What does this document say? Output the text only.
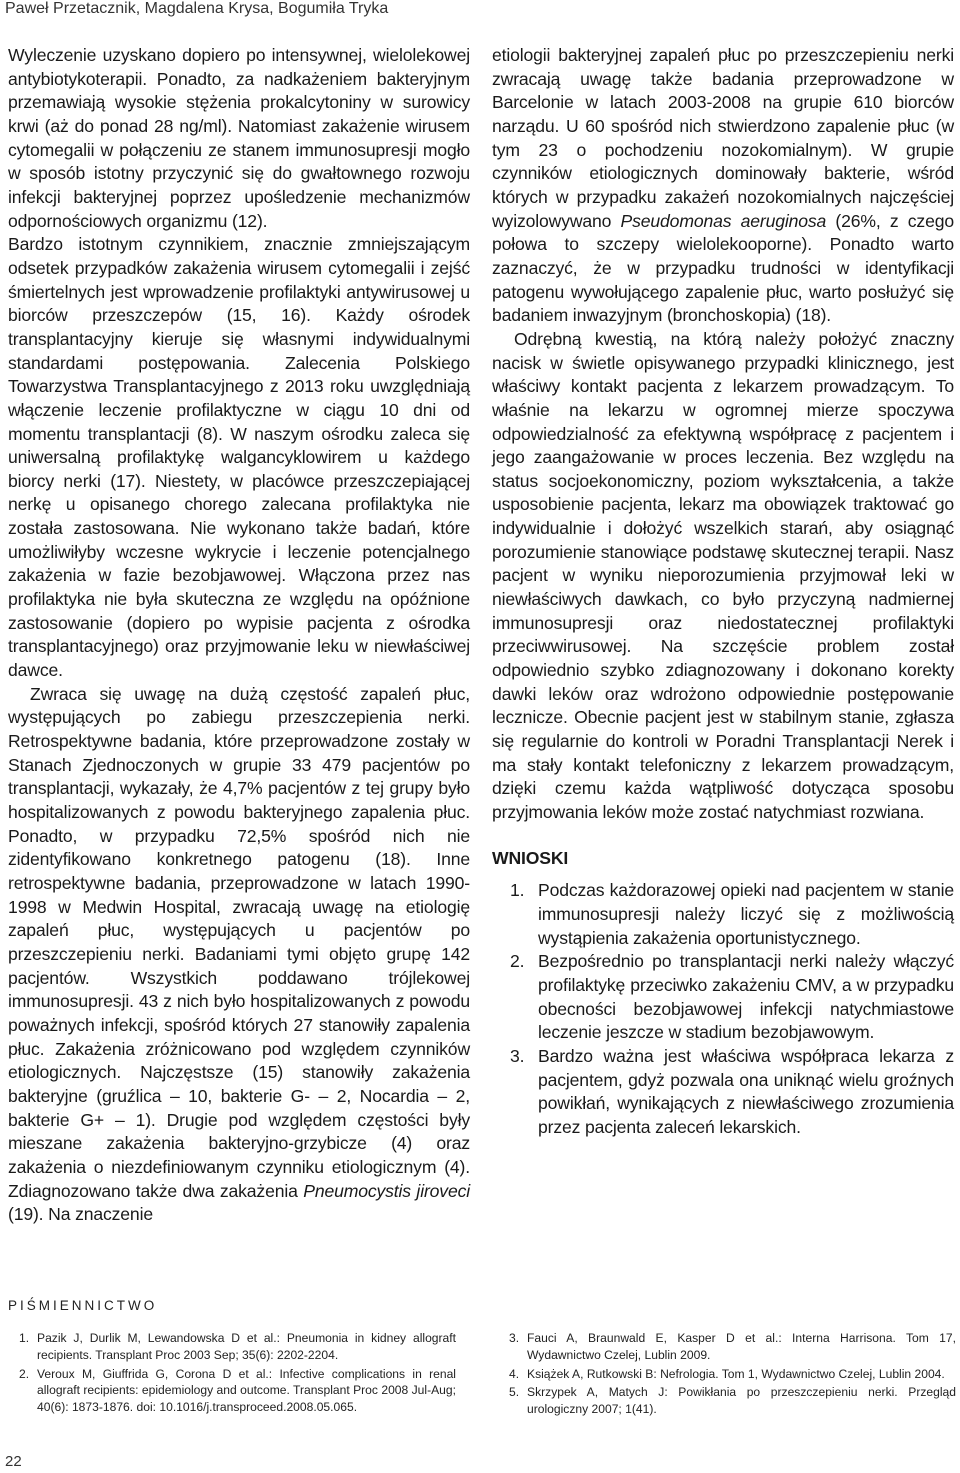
Paweł Przetacznik, Magdalena Krysa, Bogumiła Tryka

Wyleczenie uzyskano dopiero po intensywnej, wielolekowej antybiotykoterapii. Ponadto, za nadkażeniem bakteryjnym przemawiają wysokie stężenia prokalcytoniny w surowicy krwi (aż do ponad 28 ng/ml). Natomiast zakażenie wirusem cytomegalii w połączeniu ze stanem immunosupresji mogło w sposób istotny przyczynić się do gwałtownego rozwoju infekcji bakteryjnej poprzez upośledzenie mechanizmów odpornościowych organizmu (12).

Bardzo istotnym czynnikiem, znacznie zmniejszającym odsetek przypadków zakażenia wirusem cytomegalii i zejść śmiertelnych jest wprowadzenie profilaktyki antywirusowej u biorców przeszczepów (15, 16). Każdy ośrodek transplantacyjny kieruje się własnymi indywidualnymi standardami postępowania. Zalecenia Polskiego Towarzystwa Transplantacyjnego z 2013 roku uwzględniają włączenie leczenie profilaktyczne w ciągu 10 dni od momentu transplantacji (8). W naszym ośrodku zaleca się uniwersalną profilaktykę walgancyklowirem u każdego biorcy nerki (17). Niestety, w placówce przeszczepiającej nerkę u opisanego chorego zalecana profilaktyka nie została zastosowana. Nie wykonano także badań, które umożliwiłyby wczesne wykrycie i leczenie potencjalnego zakażenia w fazie bezobjawowej. Włączona przez nas profilaktyka nie była skuteczna ze względu na opóźnione zastosowanie (dopiero po wypisie pacjenta z ośrodka transplantacyjnego) oraz przyjmowanie leku w niewłaściwej dawce.

Zwraca się uwagę na dużą częstość zapaleń płuc, występujących po zabiegu przeszczepienia nerki. Retrospektywne badania, które przeprowadzone zostały w Stanach Zjednoczonych w grupie 33 479 pacjentów po transplantacji, wykazały, że 4,7% pacjentów z tej grupy było hospitalizowanych z powodu bakteryjnego zapalenia płuc. Ponadto, w przypadku 72,5% spośród nich nie zidentyfikowano konkretnego patogenu (18). Inne retrospektywne badania, przeprowadzone w latach 1990-1998 w Medwin Hospital, zwracają uwagę na etiologię zapaleń płuc, występujących u pacjentów po przeszczepieniu nerki. Badaniami tymi objęto grupę 142 pacjentów. Wszystkich poddawano trójlekowej immunosupresji. 43 z nich było hospitalizowanych z powodu poważnych infekcji, spośród których 27 stanowiły zapalenia płuc. Zakażenia zróżnicowano pod względem czynników etiologicznych. Najczęstsze (15) stanowiły zakażenia bakteryjne (gruźlica – 10, bakterie G- – 2, Nocardia – 2, bakterie G+ – 1). Drugie pod względem częstości były mieszane zakażenia bakteryjno-grzybicze (4) oraz zakażenia o niezdefiniowanym czynniku etiologicznym (4). Zdiagnozowano także dwa zakażenia Pneumocystis jiroveci (19). Na znaczenie

etiologii bakteryjnej zapaleń płuc po przeszczepieniu nerki zwracają uwagę także badania przeprowadzone w Barcelonie w latach 2003-2008 na grupie 610 biorców narządu. U 60 spośród nich stwierdzono zapalenie płuc (w tym 23 o pochodzeniu nozokomialnym). W grupie czynników etiologicznych dominowały bakterie, wśród których w przypadku zakażeń nozokomialnych najczęściej wyizolowywano Pseudomonas aeruginosa (26%, z czego połowa to szczepy wielolekooporne). Ponadto warto zaznaczyć, że w przypadku trudności w identyfikacji patogenu wywołującego zapalenie płuc, warto posłużyć się badaniem inwazyjnym (bronchoskopia) (18).

Odrębną kwestią, na którą należy położyć znaczny nacisk w świetle opisywanego przypadki klinicznego, jest właściwy kontakt pacjenta z lekarzem prowadzącym. To właśnie na lekarzu w ogromnej mierze spoczywa odpowiedzialność za efektywną współpracę z pacjentem i jego zaangażowanie w proces leczenia. Bez względu na status socjoekonomiczny, poziom wykształcenia, a także usposobienie pacjenta, lekarz ma obowiązek traktować go indywidualnie i dołożyć wszelkich starań, aby osiągnąć porozumienie stanowiące podstawę skutecznej terapii. Nasz pacjent w wyniku nieporozumienia przyjmował leki w niewłaściwych dawkach, co było przyczyną nadmiernej immunosupresji oraz niedostatecznej profilaktyki przeciwwirusowej. Na szczęście problem został odpowiednio szybko zdiagnozowany i dokonano korekty dawki leków oraz wdrożono odpowiednie postępowanie lecznicze. Obecnie pacjent jest w stabilnym stanie, zgłasza się regularnie do kontroli w Poradni Transplantacji Nerek i ma stały kontakt telefoniczny z lekarzem prowadzącym, dzięki czemu każda wątpliwość dotycząca sposobu przyjmowania leków może zostać natychmiast rozwiana.

WNIOSKI
1. Podczas każdorazowej opieki nad pacjentem w stanie immunosupresji należy liczyć się z możliwością wystąpienia zakażenia oportunistycznego.
2. Bezpośrednio po transplantacji nerki należy włączyć profilaktykę przeciwko zakażeniu CMV, a w przypadku obecności bezobjawowej infekcji natychmiastowe leczenie jeszcze w stadium bezobjawowym.
3. Bardzo ważna jest właściwa współpraca lekarza z pacjentem, gdyż pozwala ona uniknąć wielu groźnych powikłań, wynikających z niewłaściwego zrozumienia przez pacjenta zaleceń lekarskich.
PIŚMIENNICTWO
1. Pazik J, Durlik M, Lewandowska D et al.: Pneumonia in kidney allograft recipients. Transplant Proc 2003 Sep; 35(6): 2202-2204.
2. Veroux M, Giuffrida G, Corona D et al.: Infective complications in renal allograft recipients: epidemiology and outcome. Transplant Proc 2008 Jul-Aug; 40(6): 1873-1876. doi: 10.1016/j.transproceed.2008.05.065.
3. Fauci A, Braunwald E, Kasper D et al.: Interna Harrisona. Tom 17, Wydawnictwo Czelej, Lublin 2009.
4. Książek A, Rutkowski B: Nefrologia. Tom 1, Wydawnictwo Czelej, Lublin 2004.
5. Skrzypek A, Matych J: Powikłania po przeszczepieniu nerki. Przegląd urologiczny 2007; 1(41).
22
